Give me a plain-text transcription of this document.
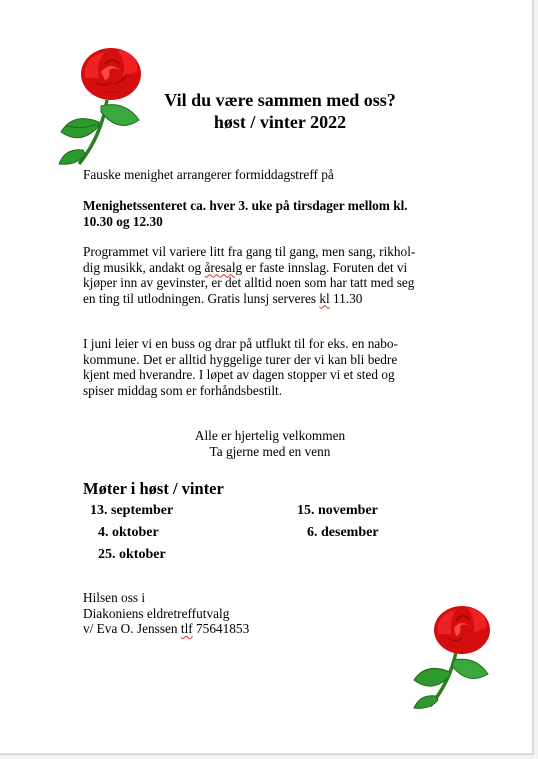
Vil du være sammen med oss?
høst / vinter 2022
Fauske menighet arrangerer formiddagstreff på
Menighetssenteret ca. hver 3. uke på tirsdager mellom kl.
10.30 og 12.30
Programmet vil variere litt fra gang til gang, men sang, rikhol-
dig musikk, andakt og åresalg er faste innslag. Foruten det vi
kjøper inn av gevinster, er det alltid noen som har tatt med seg
en ting til utlodningen. Gratis lunsj serveres kl 11.30
I juni leier vi en buss og drar på utflukt til for eks. en nabo-
kommune. Det er alltid hyggelige turer der vi kan bli bedre
kjent med hverandre. I løpet av dagen stopper vi et sted og
spiser middag som er forhåndsbestilt.
Alle er hjertelig velkommen
Ta gjerne med en venn
Møter i høst / vinter
13. september
4. oktober
25. oktober
15. november
6. desember
Hilsen oss i
Diakoniens eldretreffutvalg
v/ Eva O. Jenssen tlf 75641853
